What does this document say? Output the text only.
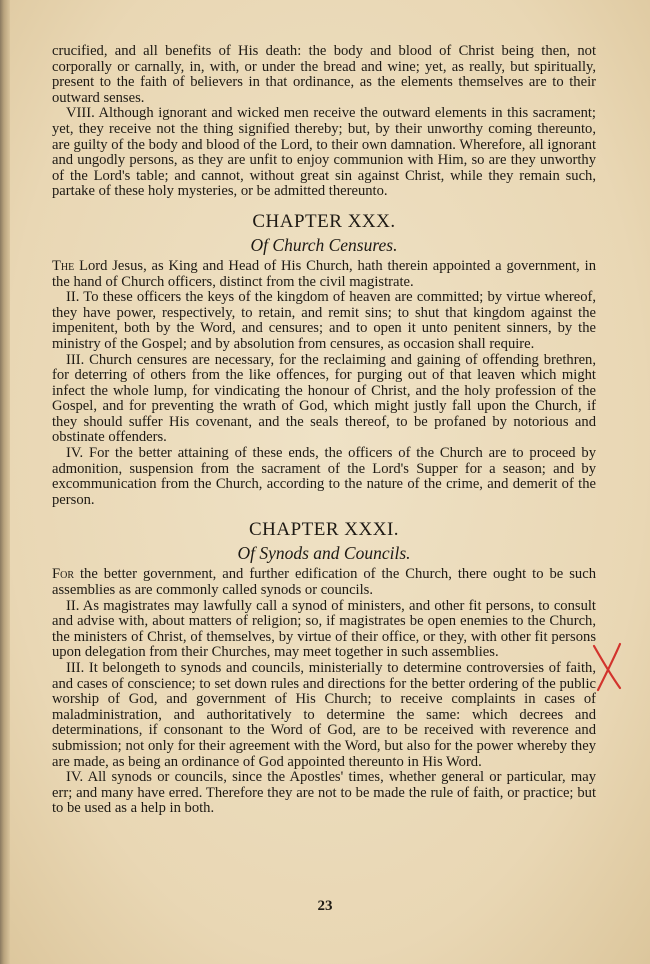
crucified, and all benefits of His death: the body and blood of Christ being then, not corporally or carnally, in, with, or under the bread and wine; yet, as really, but spiritually, present to the faith of believers in that ordinance, as the elements themselves are to their outward senses.

VIII. Although ignorant and wicked men receive the outward elements in this sacrament; yet, they receive not the thing signified thereby; but, by their unworthy coming thereunto, are guilty of the body and blood of the Lord, to their own damnation. Wherefore, all ignorant and ungodly persons, as they are unfit to enjoy communion with Him, so are they unworthy of the Lord's table; and cannot, without great sin against Christ, while they remain such, partake of these holy mysteries, or be admitted thereunto.

CHAPTER XXX.
Of Church Censures.

The Lord Jesus, as King and Head of His Church, hath therein appointed a government, in the hand of Church officers, distinct from the civil magistrate.

II. To these officers the keys of the kingdom of heaven are committed; by virtue whereof, they have power, respectively, to retain, and remit sins; to shut that kingdom against the impenitent, both by the Word, and censures; and to open it unto penitent sinners, by the ministry of the Gospel; and by absolution from censures, as occasion shall require.

III. Church censures are necessary, for the reclaiming and gaining of offending brethren, for deterring of others from the like offences, for purging out of that leaven which might infect the whole lump, for vindicating the honour of Christ, and the holy profession of the Gospel, and for preventing the wrath of God, which might justly fall upon the Church, if they should suffer His covenant, and the seals thereof, to be profaned by notorious and obstinate offenders.

IV. For the better attaining of these ends, the officers of the Church are to proceed by admonition, suspension from the sacrament of the Lord's Supper for a season; and by excommunication from the Church, according to the nature of the crime, and demerit of the person.

CHAPTER XXXI.
Of Synods and Councils.

For the better government, and further edification of the Church, there ought to be such assemblies as are commonly called synods or councils.

II. As magistrates may lawfully call a synod of ministers, and other fit persons, to consult and advise with, about matters of religion; so, if magistrates be open enemies to the Church, the ministers of Christ, of themselves, by virtue of their office, or they, with other fit persons upon delegation from their Churches, may meet together in such assemblies.

III. It belongeth to synods and councils, ministerially to determine controversies of faith, and cases of conscience; to set down rules and directions for the better ordering of the public worship of God, and government of His Church; to receive complaints in cases of maladministration, and authoritatively to determine the same: which decrees and determinations, if consonant to the Word of God, are to be received with reverence and submission; not only for their agreement with the Word, but also for the power whereby they are made, as being an ordinance of God appointed thereunto in His Word.

IV. All synods or councils, since the Apostles' times, whether general or particular, may err; and many have erred. Therefore they are not to be made the rule of faith, or practice; but to be used as a help in both.

23
